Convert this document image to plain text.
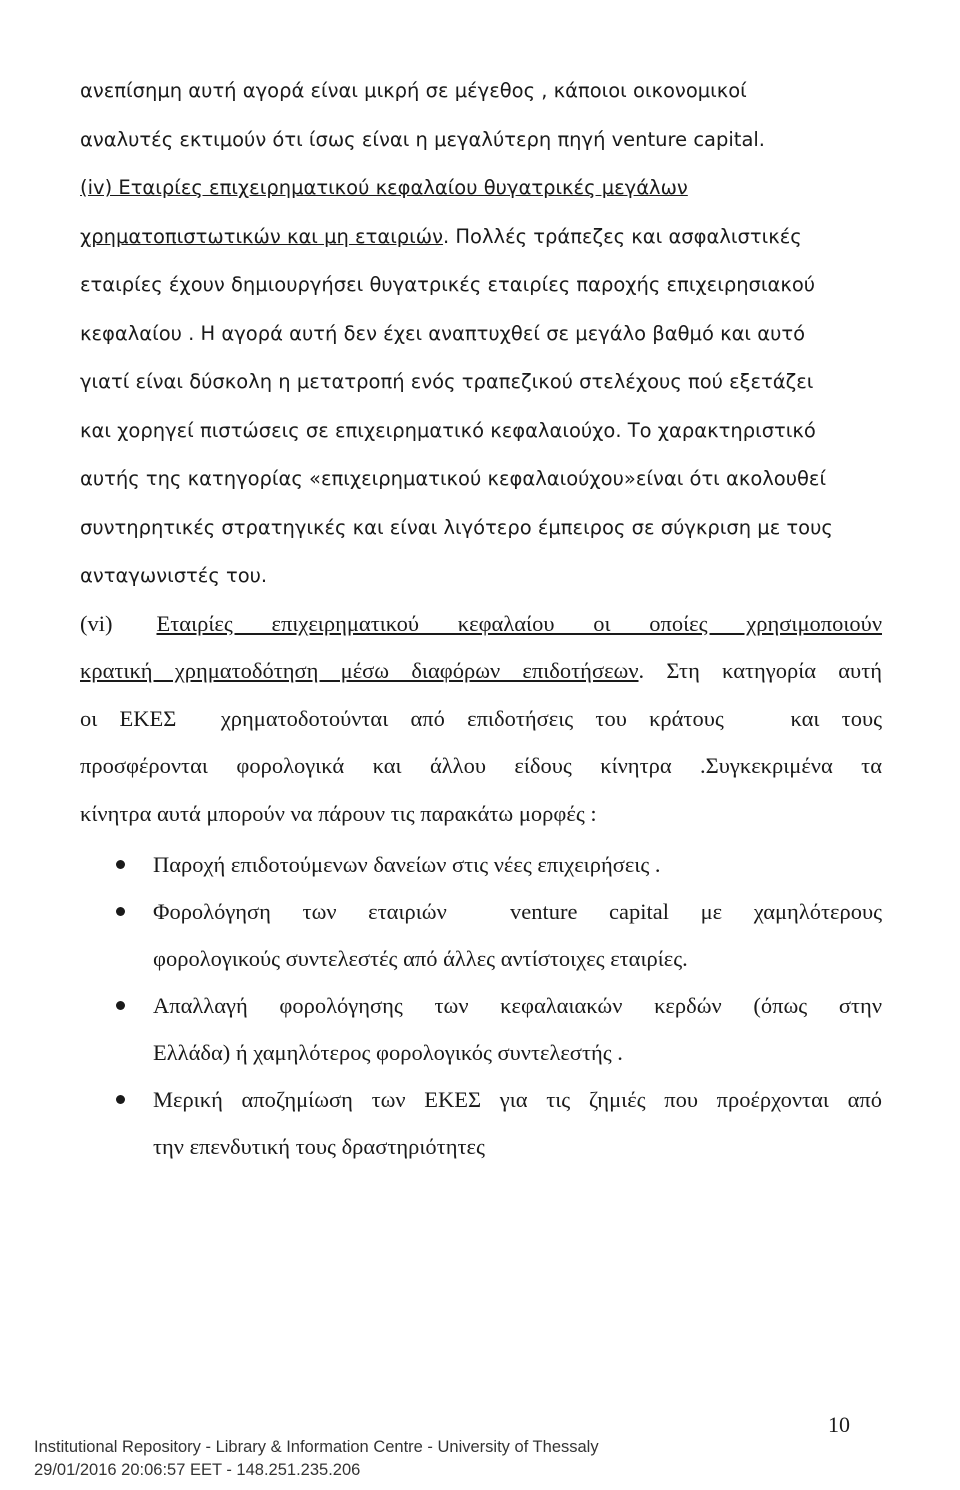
ανεπίσημη αυτή αγορά είναι μικρή σε μέγεθος , κάποιοι οικονομικοί
αναλυτές εκτιμούν ότι ίσως είναι η μεγαλύτερη πηγή venture capital.

(iv) Εταιρίες επιχειρηματικού κεφαλαίου θυγατρικές μεγάλων
χρηματοπιστωτικών και μη εταιριών. Πολλές τράπεζες και ασφαλιστικές
εταιρίες έχουν δημιουργήσει θυγατρικές εταιρίες παροχής επιχειρησιακού
κεφαλαίου . Η αγορά αυτή δεν έχει αναπτυχθεί σε μεγάλο βαθμό και αυτό
γιατί είναι δύσκολη η μετατροπή ενός τραπεζικού στελέχους πού εξετάζει
και χορηγεί πιστώσεις σε επιχειρηματικό κεφαλαιούχο. Το χαρακτηριστικό
αυτής της κατηγορίας «επιχειρηματικού κεφαλαιούχου»είναι ότι ακολουθεί
συντηρητικές στρατηγικές και είναι λιγότερο έμπειρος σε σύγκριση με τους
ανταγωνιστές του.

(vi) Εταιρίες επιχειρηματικού κεφαλαίου οι οποίες χρησιμοποιούν
κρατική χρηματοδότηση μέσω διαφόρων επιδοτήσεων. Στη κατηγορία αυτή
οι ΕΚΕΣ  χρηματοδοτούνται από επιδοτήσεις του κράτους   και τους
προσφέρονται φορολογικά και άλλου είδους κίνητρα .Συγκεκριμένα τα
κίνητρα αυτά μπορούν να πάρουν τις παρακάτω μορφές :

Παροχή επιδοτούμενων δανείων στις νέες επιχειρήσεις .
Φορολόγηση των εταιριών  venture capital με χαμηλότερους
φορολογικούς συντελεστές από άλλες αντίστοιχες εταιρίες.
Απαλλαγή φορολόγησης των κεφαλαιακών κερδών (όπως στην
Ελλάδα) ή χαμηλότερος φορολογικός συντελεστής .
Μερική αποζημίωση των ΕΚΕΣ για τις ζημιές που προέρχονται από
την επενδυτική τους δραστηριότητες
10
Institutional Repository - Library & Information Centre - University of Thessaly
29/01/2016 20:06:57 EET - 148.251.235.206
